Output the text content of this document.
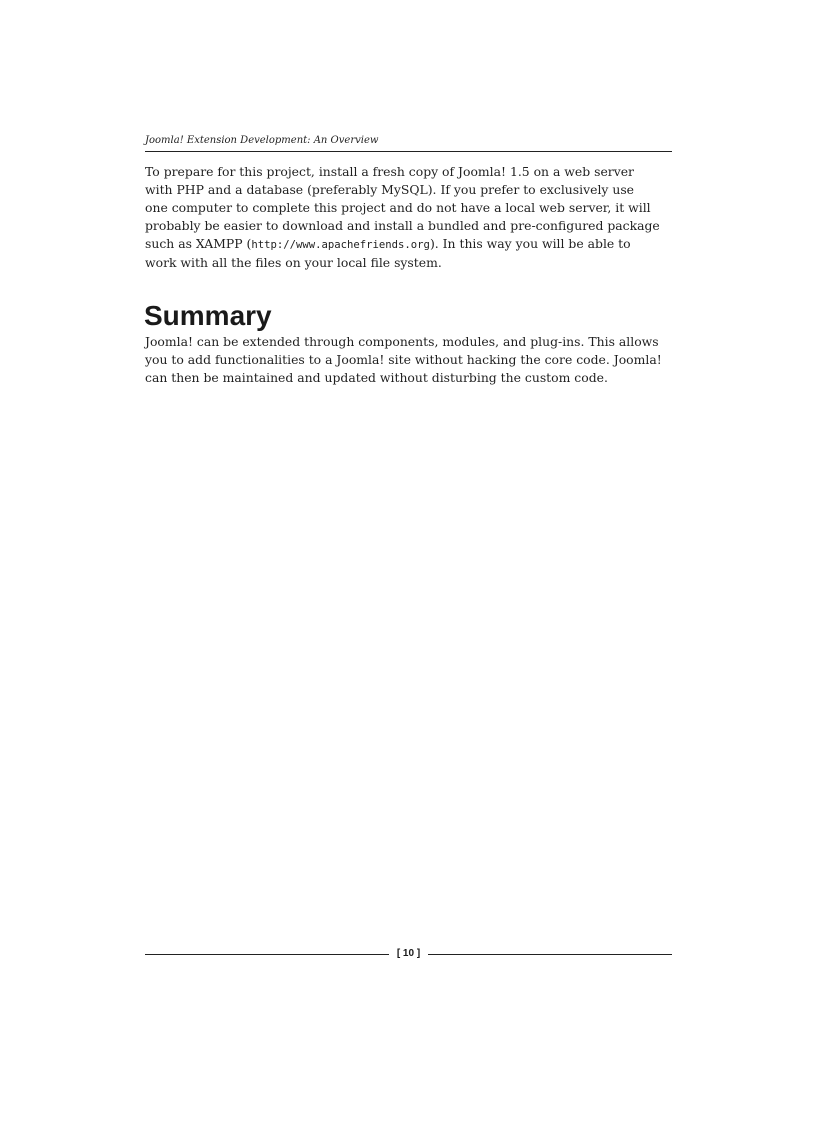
Joomla! Extension Development: An Overview
To prepare for this project, install a fresh copy of Joomla! 1.5 on a web server
with PHP and a database (preferably MySQL). If you prefer to exclusively use
one computer to complete this project and do not have a local web server, it will
probably be easier to download and install a bundled and pre-configured package
such as XAMPP (http://www.apachefriends.org). In this way you will be able to
work with all the files on your local file system.
Summary
Joomla! can be extended through components, modules, and plug-ins. This allows
you to add functionalities to a Joomla! site without hacking the core code. Joomla!
can then be maintained and updated without disturbing the custom code.
[ 10 ]
